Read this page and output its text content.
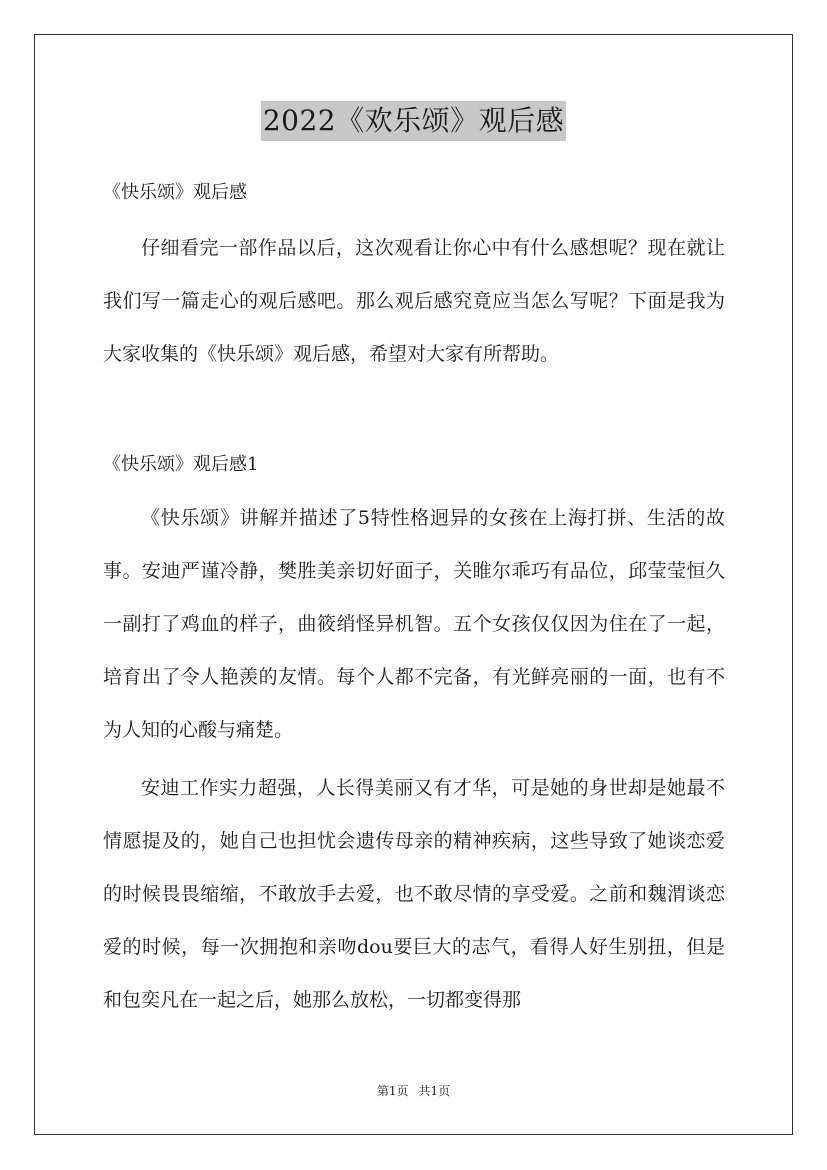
2022《欢乐颂》观后感
《快乐颂》观后感

仔细看完一部作品以后，这次观看让你心中有什么感想呢？现在就让我们写一篇走心的观后感吧。那么观后感究竟应当怎么写呢？下面是我为大家收集的《快乐颂》观后感，希望对大家有所帮助。

《快乐颂》观后感1

《快乐颂》讲解并描述了5特性格迥异的女孩在上海打拼、生活的故事。安迪严谨冷静，樊胜美亲切好面子，关睢尔乖巧有品位，邱莹莹恒久一副打了鸡血的样子，曲筱绡怪异机智。五个女孩仅仅因为住在了一起，培育出了令人艳羡的友情。每个人都不完备，有光鲜亮丽的一面，也有不为人知的心酸与痛楚。

安迪工作实力超强，人长得美丽又有才华，可是她的身世却是她最不情愿提及的，她自己也担忧会遗传母亲的精神疾病，这些导致了她谈恋爱的时候畏畏缩缩，不敢放手去爱，也不敢尽情的享受爱。之前和魏渭谈恋爱的时候，每一次拥抱和亲吻dou要巨大的志气，看得人好生别扭，但是和包奕凡在一起之后，她那么放松，一切都变得那

第1页 共1页
